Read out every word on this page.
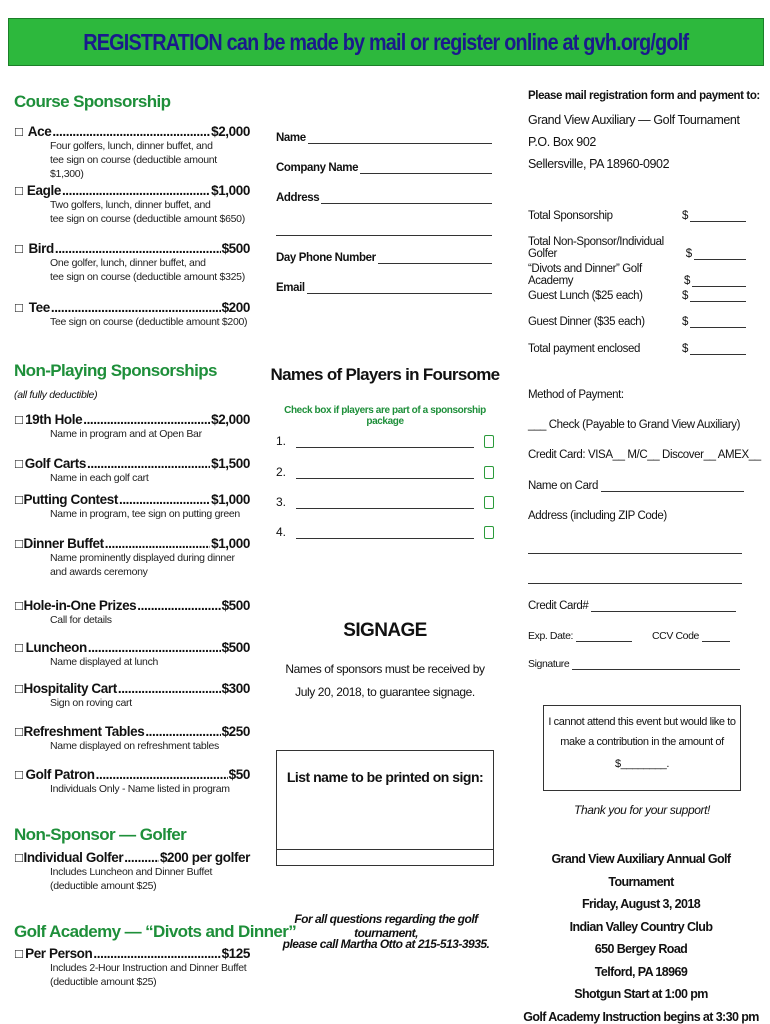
REGISTRATION can be made by mail or register online at gvh.org/golf
Course Sponsorship
☐ Ace .....	$2,000
Four golfers, lunch, dinner buffet, and
tee sign on course (deductible amount $1,300)
☐ Eagle .....	$1,000
Two golfers, lunch, dinner buffet, and
tee sign on course (deductible amount $650)
☐ Bird .....	$500
One golfer, lunch, dinner buffet, and
tee sign on course (deductible amount $325)
☐ Tee .....	$200
Tee sign on course (deductible amount $200)
Non-Playing Sponsorships
(all fully deductible)
☐ 19th Hole .....	$2,000
Name in program and at Open Bar
☐ Golf Carts .....	$1,500
Name in each golf cart
☐ Putting Contest .....	$1,000
Name in program, tee sign on putting green
☐ Dinner Buffet .....	$1,000
Name prominently displayed during dinner
and awards ceremony
☐ Hole-in-One Prizes .....	$500
Call for details
☐ Luncheon .....	$500
Name displayed at lunch
☐ Hospitality Cart .....	$300
Sign on roving cart
☐ Refreshment Tables .....	$250
Name displayed on refreshment tables
☐ Golf Patron .....	$50
Individuals Only - Name listed in program
Non-Sponsor — Golfer
☐ Individual Golfer .....	$200 per golfer
Includes Luncheon and Dinner Buffet
(deductible amount $25)
Golf Academy — “Divots and Dinner”
☐ Per Person .....	$125
Includes 2-Hour Instruction and Dinner Buffet
(deductible amount $25)
Name
Company Name
Address
Day Phone Number
Email
Names of Players in Foursome
Check box if players are part of a sponsorship package
1.
2.
3.
4.
SIGNAGE
Names of sponsors must be received by
July 20, 2018, to guarantee signage.
List name to be printed on sign:
For all questions regarding the golf tournament,
please call Martha Otto at 215-513-3935.
Please mail registration form and payment to:
Grand View Auxiliary — Golf Tournament
P.O. Box 902
Sellersville, PA 18960-0902
Total Sponsorship	$
Total Non-Sponsor/Individual Golfer	$
“Divots and Dinner” Golf Academy	$
Guest Lunch ($25 each)	$
Guest Dinner ($35 each)	$
Total payment enclosed	$
Method of Payment:
___ Check (Payable to Grand View Auxiliary)
Credit Card: VISA__ M/C__ Discover__ AMEX__
Name on Card
Address (including ZIP Code)
Credit Card#
Exp. Date:	CCV Code
Signature
I cannot attend this event but would like to
make a contribution in the amount of
$________.
Thank you for your support!
Grand View Auxiliary Annual Golf Tournament
Friday, August 3, 2018
Indian Valley Country Club
650 Bergey Road
Telford, PA 18969
Shotgun Start at 1:00 pm
Golf Academy Instruction begins at 3:30 pm
